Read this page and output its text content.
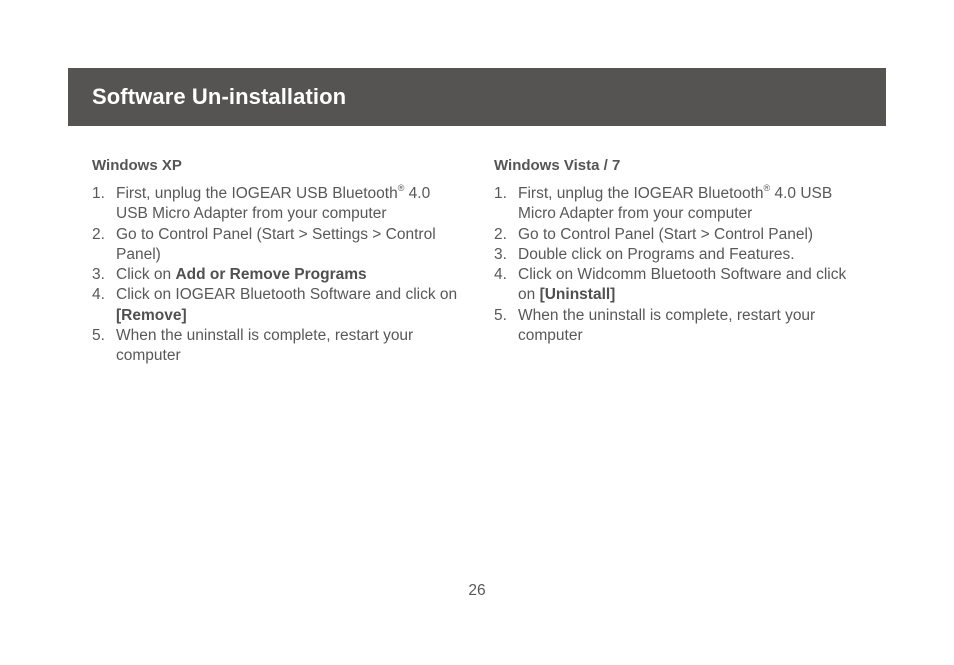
Software Un-installation
Windows XP
1. First, unplug the IOGEAR USB Bluetooth® 4.0 USB Micro Adapter from your computer
2. Go to Control Panel (Start > Settings > Control Panel)
3. Click on Add or Remove Programs
4. Click on IOGEAR Bluetooth Software and click on [Remove]
5. When the uninstall is complete, restart your computer
Windows Vista / 7
1. First, unplug the IOGEAR Bluetooth® 4.0 USB Micro Adapter from your computer
2. Go to Control Panel (Start > Control Panel)
3. Double click on Programs and Features.
4. Click on Widcomm Bluetooth Software and click on [Uninstall]
5. When the uninstall is complete, restart your computer
26
